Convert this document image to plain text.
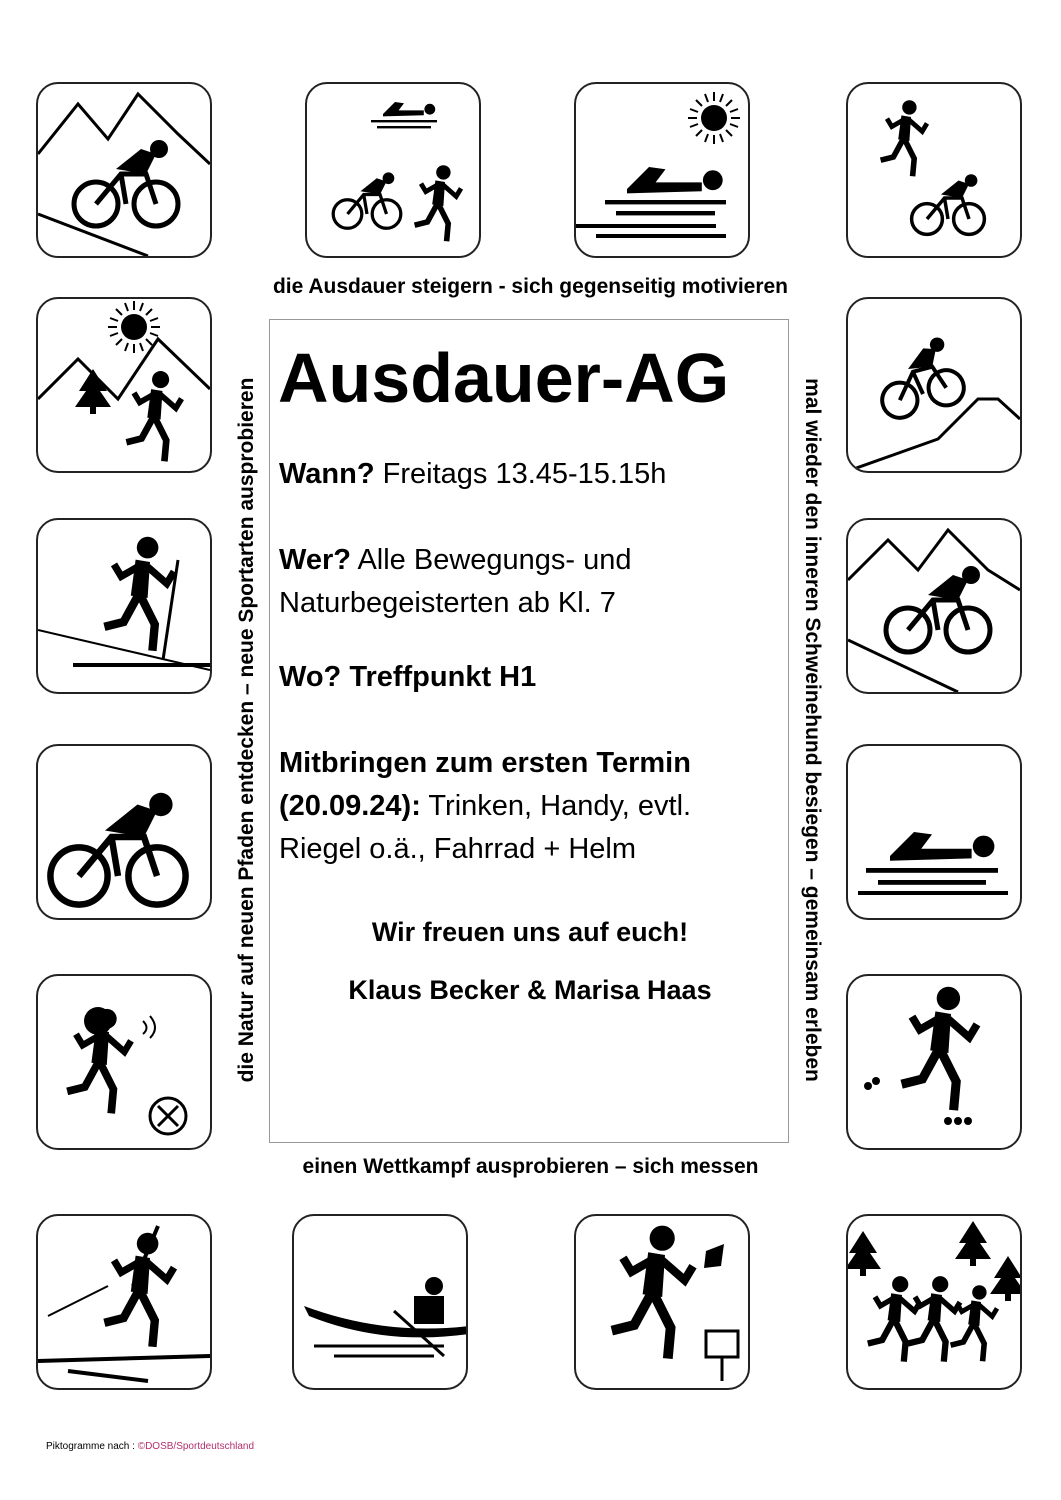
die Ausdauer steigern - sich gegenseitig motivieren
einen Wettkampf ausprobieren – sich messen
die Natur auf neuen Pfaden entdecken – neue Sportarten ausprobieren	mal wieder den inneren Schweinehund besiegen – gemeinsam erleben
Ausdauer-AG
Wann? Freitags 13.45-15.15h
Wer? Alle Bewegungs- und
Naturbegeisterten ab Kl. 7
Wo? Treffpunkt H1
Mitbringen zum ersten Termin
(20.09.24): Trinken, Handy, evtl.
Riegel o.ä., Fahrrad + Helm
Wir freuen uns auf euch!
Klaus Becker & Marisa Haas
Piktogramme nach : ©DOSB/Sportdeutschland
